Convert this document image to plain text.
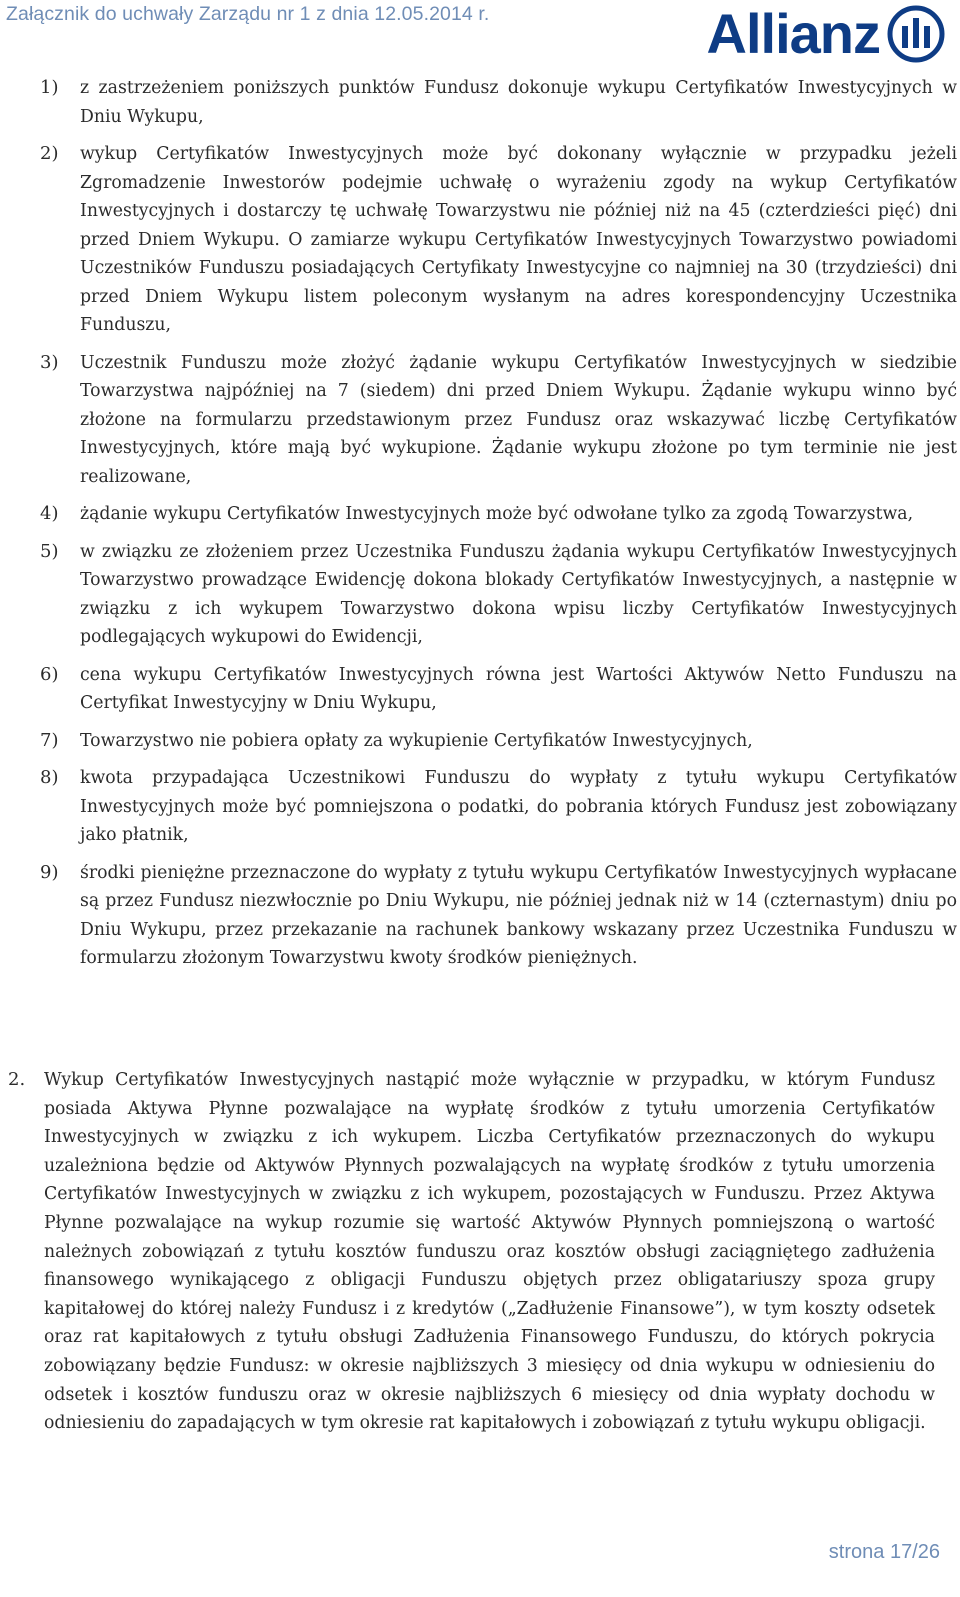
Załącznik do uchwały Zarządu nr 1 z dnia 12.05.2014 r.	Allianz
1)	z zastrzeżeniem poniższych punktów Fundusz dokonuje wykupu Certyfikatów Inwestycyjnych w Dniu Wykupu,
2)	wykup Certyfikatów Inwestycyjnych może być dokonany wyłącznie w przypadku jeżeli Zgromadzenie Inwestorów podejmie uchwałę o wyrażeniu zgody na wykup Certyfikatów Inwestycyjnych i dostarczy tę uchwałę Towarzystwu nie później niż na 45 (czterdzieści pięć) dni przed Dniem Wykupu. O zamiarze wykupu Certyfikatów Inwestycyjnych Towarzystwo powiadomi Uczestników Funduszu posiadających Certyfikaty Inwestycyjne co najmniej na 30 (trzydzieści) dni przed Dniem Wykupu listem poleconym wysłanym na adres korespondencyjny Uczestnika Funduszu,
3)	Uczestnik Funduszu może złożyć żądanie wykupu Certyfikatów Inwestycyjnych w siedzibie Towarzystwa najpóźniej na 7 (siedem) dni przed Dniem Wykupu. Żądanie wykupu winno być złożone na formularzu przedstawionym przez Fundusz oraz wskazywać liczbę Certyfikatów Inwestycyjnych, które mają być wykupione. Żądanie wykupu złożone po tym terminie nie jest realizowane,
4)	żądanie wykupu Certyfikatów Inwestycyjnych może być odwołane tylko za zgodą Towarzystwa,
5)	w związku ze złożeniem przez Uczestnika Funduszu żądania wykupu Certyfikatów Inwestycyjnych Towarzystwo prowadzące Ewidencję dokona blokady Certyfikatów Inwestycyjnych, a następnie w związku z ich wykupem Towarzystwo dokona wpisu liczby Certyfikatów Inwestycyjnych podlegających wykupowi do Ewidencji,
6)	cena wykupu Certyfikatów Inwestycyjnych równa jest Wartości Aktywów Netto Funduszu na Certyfikat Inwestycyjny w Dniu Wykupu,
7)	Towarzystwo nie pobiera opłaty za wykupienie Certyfikatów Inwestycyjnych,
8)	kwota przypadająca Uczestnikowi Funduszu do wypłaty z tytułu wykupu Certyfikatów Inwestycyjnych może być pomniejszona o podatki, do pobrania których Fundusz jest zobowiązany jako płatnik,
9)	środki pieniężne przeznaczone do wypłaty z tytułu wykupu Certyfikatów Inwestycyjnych wypłacane są przez Fundusz niezwłocznie po Dniu Wykupu, nie później jednak niż w 14 (czternastym) dniu po Dniu Wykupu, przez przekazanie na rachunek bankowy wskazany przez Uczestnika Funduszu w formularzu złożonym Towarzystwu kwoty środków pieniężnych.
2.	Wykup Certyfikatów Inwestycyjnych nastąpić może wyłącznie w przypadku, w którym Fundusz posiada Aktywa Płynne pozwalające na wypłatę środków z tytułu umorzenia Certyfikatów Inwestycyjnych w związku z ich wykupem. Liczba Certyfikatów przeznaczonych do wykupu uzależniona będzie od Aktywów Płynnych pozwalających na wypłatę środków z tytułu umorzenia Certyfikatów Inwestycyjnych w związku z ich wykupem, pozostających w Funduszu. Przez Aktywa Płynne pozwalające na wykup rozumie się wartość Aktywów Płynnych pomniejszoną o wartość należnych zobowiązań z tytułu kosztów funduszu oraz kosztów obsługi zaciągniętego zadłużenia finansowego wynikającego z obligacji Funduszu objętych przez obligatariuszy spoza grupy kapitałowej do której należy Fundusz i z kredytów („Zadłużenie Finansowe”), w tym koszty odsetek oraz rat kapitałowych z tytułu obsługi Zadłużenia Finansowego Funduszu, do których pokrycia zobowiązany będzie Fundusz: w okresie najbliższych 3 miesięcy od dnia wykupu w odniesieniu do odsetek i kosztów funduszu oraz w okresie najbliższych 6 miesięcy od dnia wypłaty dochodu w odniesieniu do zapadających w tym okresie rat kapitałowych i zobowiązań z tytułu wykupu obligacji.
strona 17/26
